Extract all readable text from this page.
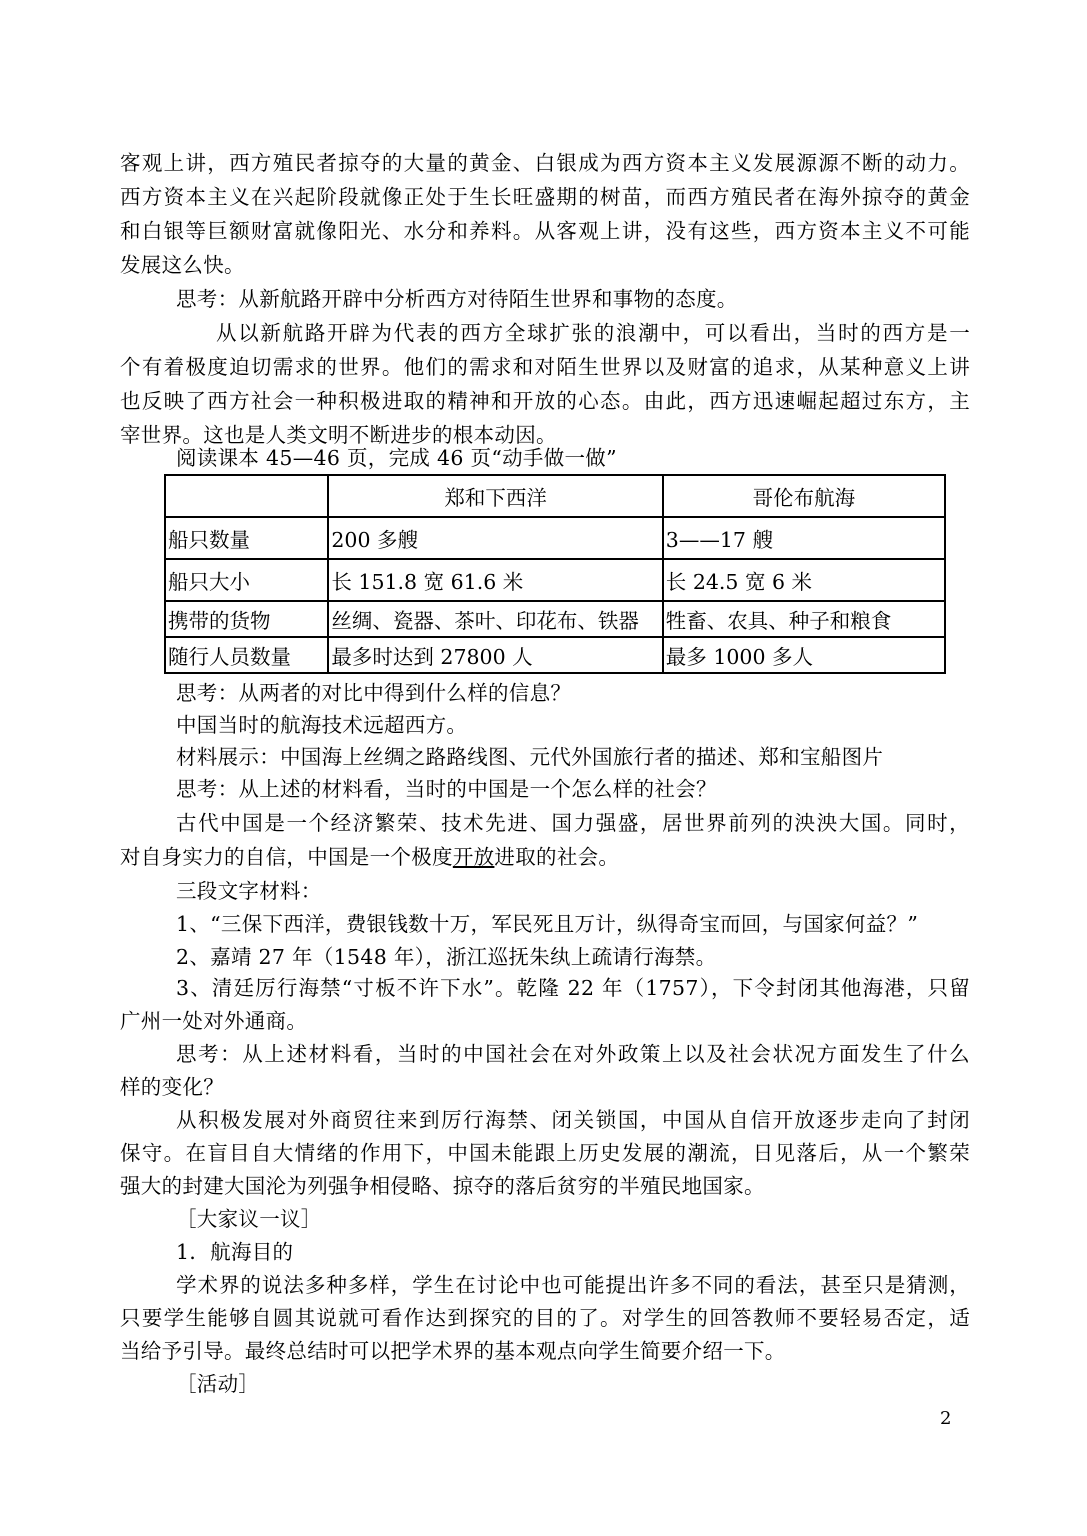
客观上讲，西方殖民者掠夺的大量的黄金、白银成为西方资本主义发展源源不断的动力。
西方资本主义在兴起阶段就像正处于生长旺盛期的树苗，而西方殖民者在海外掠夺的黄金
和白银等巨额财富就像阳光、水分和养料。从客观上讲，没有这些，西方资本主义不可能
发展这么快。
思考：从新航路开辟中分析西方对待陌生世界和事物的态度。
从以新航路开辟为代表的西方全球扩张的浪潮中，可以看出，当时的西方是一
个有着极度迫切需求的世界。他们的需求和对陌生世界以及财富的追求，从某种意义上讲
也反映了西方社会一种积极进取的精神和开放的心态。由此，西方迅速崛起超过东方，主
宰世界。这也是人类文明不断进步的根本动因。
阅读课本 45—46 页，完成 46 页“动手做一做”
	郑和下西洋	哥伦布航海
船只数量	200 多艘	3——17 艘
船只大小	长 151.8 宽 61.6 米	长 24.5 宽 6 米
携带的货物	丝绸、瓷器、茶叶、印花布、铁器	牲畜、农具、种子和粮食
随行人员数量	最多时达到 27800 人	最多 1000 多人
思考：从两者的对比中得到什么样的信息？
中国当时的航海技术远超西方。
材料展示：中国海上丝绸之路路线图、元代外国旅行者的描述、郑和宝船图片
思考：从上述的材料看，当时的中国是一个怎么样的社会？
古代中国是一个经济繁荣、技术先进、国力强盛，居世界前列的泱泱大国。同时，
对自身实力的自信，中国是一个极度开放进取的社会。
三段文字材料：
1、“三保下西洋，费银钱数十万，军民死且万计，纵得奇宝而回，与国家何益？”
2、嘉靖 27 年（1548 年），浙江巡抚朱纨上疏请行海禁。
3、清廷厉行海禁“寸板不许下水”。乾隆 22 年（1757），下令封闭其他海港，只留
广州一处对外通商。
思考：从上述材料看，当时的中国社会在对外政策上以及社会状况方面发生了什么
样的变化？
从积极发展对外商贸往来到厉行海禁、闭关锁国，中国从自信开放逐步走向了封闭
保守。在盲目自大情绪的作用下，中国未能跟上历史发展的潮流，日见落后，从一个繁荣
强大的封建大国沦为列强争相侵略、掠夺的落后贫穷的半殖民地国家。
［大家议一议］
1．航海目的
学术界的说法多种多样，学生在讨论中也可能提出许多不同的看法，甚至只是猜测，
只要学生能够自圆其说就可看作达到探究的目的了。对学生的回答教师不要轻易否定，适
当给予引导。最终总结时可以把学术界的基本观点向学生简要介绍一下。
［活动］
2
